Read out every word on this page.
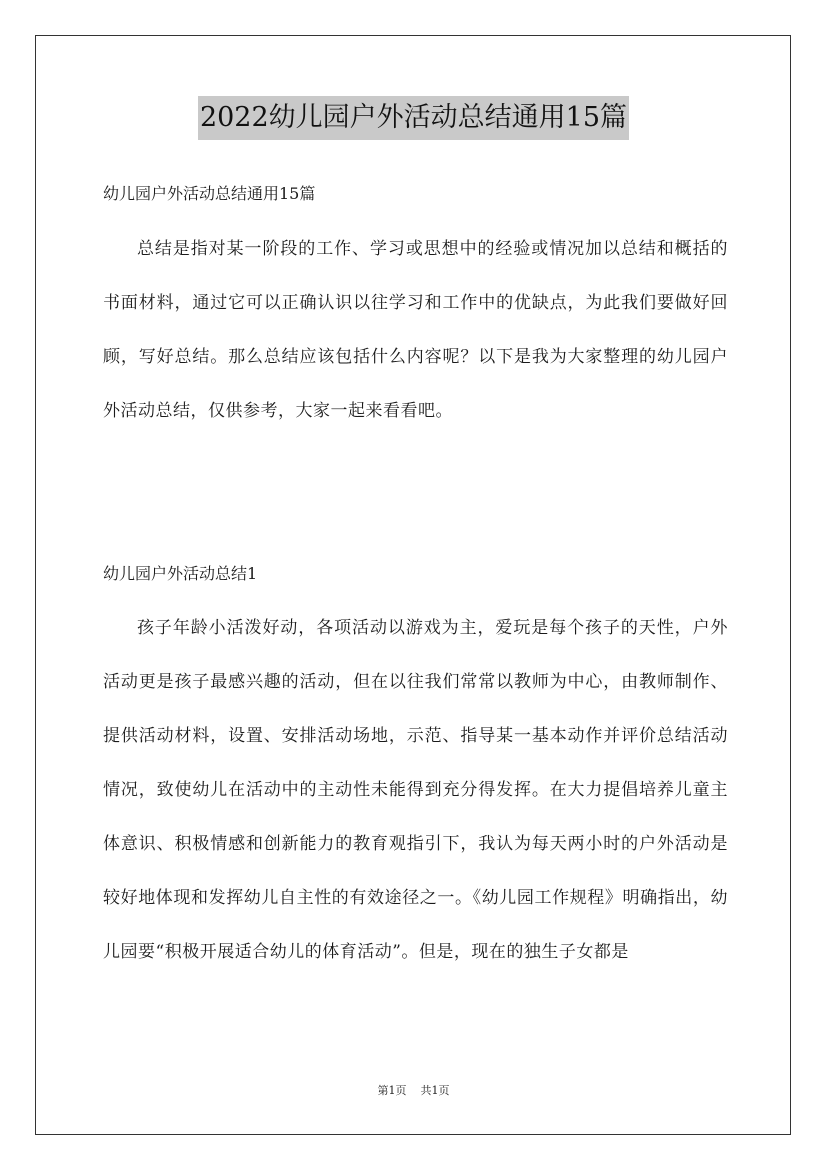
2022幼儿园户外活动总结通用15篇
幼儿园户外活动总结通用15篇
总结是指对某一阶段的工作、学习或思想中的经验或情况加以总结和概括的书面材料，通过它可以正确认识以往学习和工作中的优缺点，为此我们要做好回顾，写好总结。那么总结应该包括什么内容呢？以下是我为大家整理的幼儿园户外活动总结，仅供参考，大家一起来看看吧。
幼儿园户外活动总结1
孩子年龄小活泼好动，各项活动以游戏为主，爱玩是每个孩子的天性，户外活动更是孩子最感兴趣的活动，但在以往我们常常以教师为中心，由教师制作、提供活动材料，设置、安排活动场地，示范、指导某一基本动作并评价总结活动情况，致使幼儿在活动中的主动性未能得到充分得发挥。在大力提倡培养儿童主体意识、积极情感和创新能力的教育观指引下，我认为每天两小时的户外活动是较好地体现和发挥幼儿自主性的有效途径之一。《幼儿园工作规程》明确指出，幼儿园要“积极开展适合幼儿的体育活动”。但是，现在的独生子女都是
第1页 共1页
